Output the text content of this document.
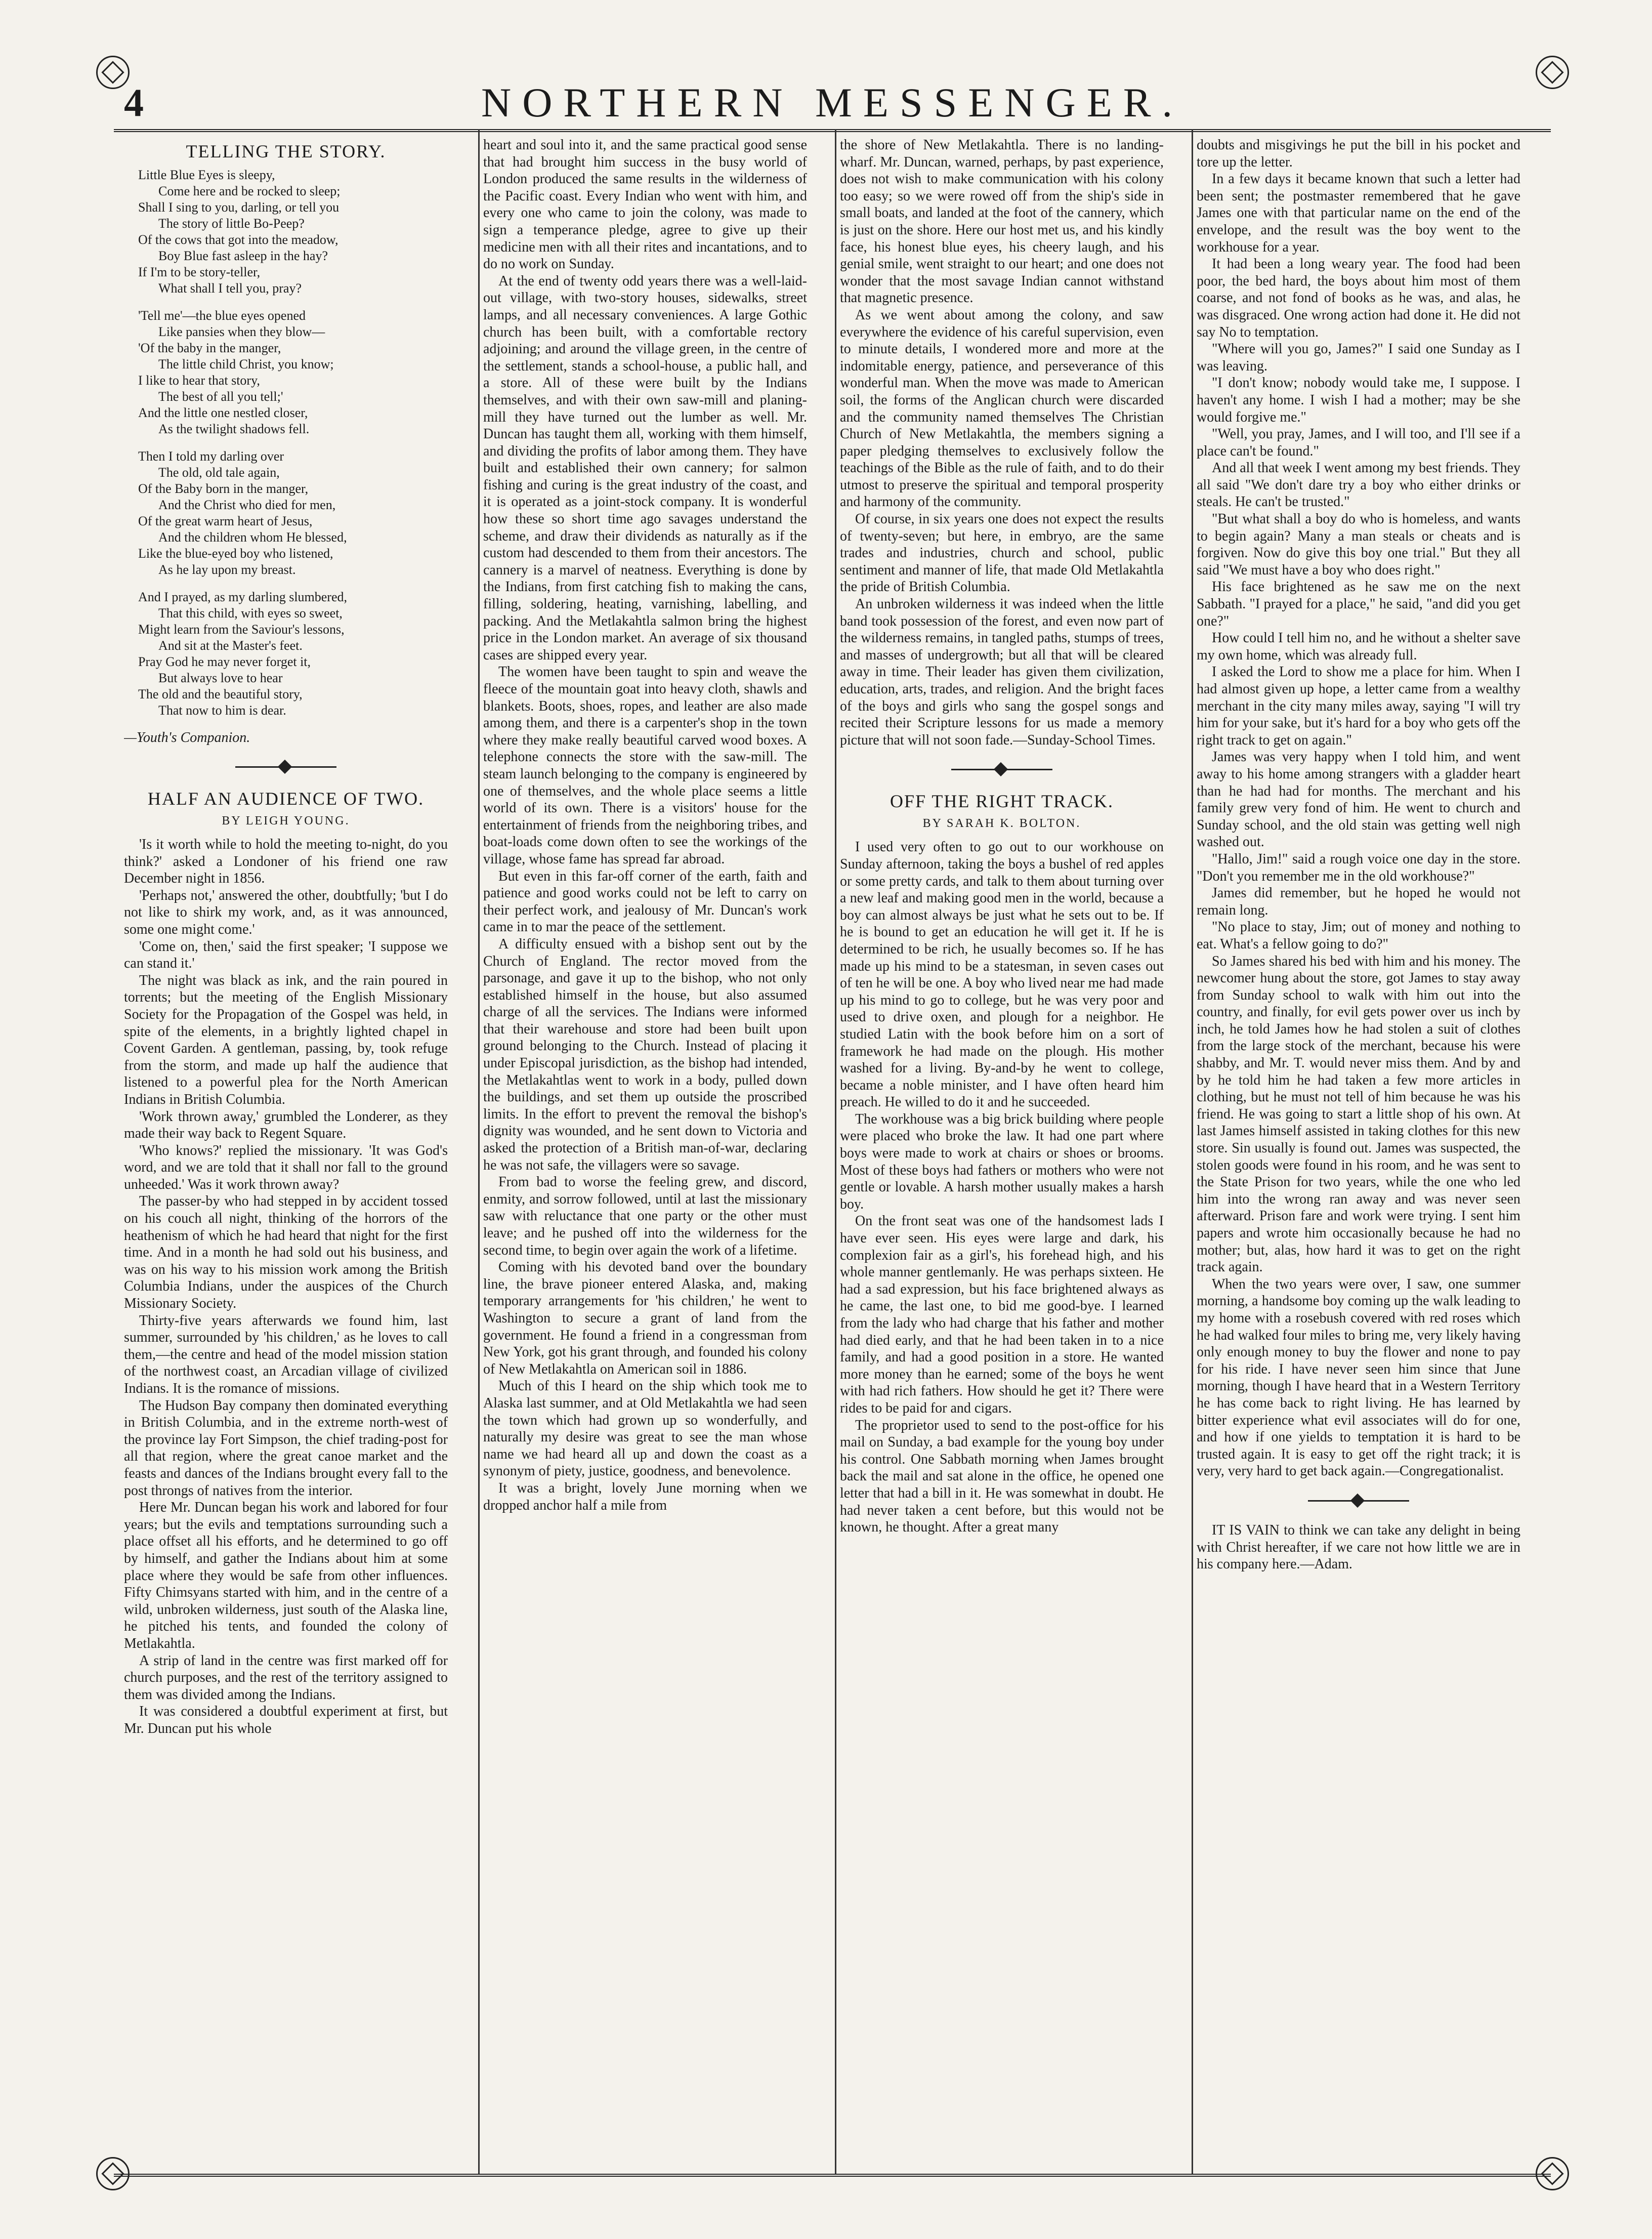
4	NORTHERN MESSENGER.
TELLING THE STORY.
Little Blue Eyes is sleepy,
Come here and be rocked to sleep;
Shall I sing to you, darling, or tell you
The story of little Bo-Peep?
Of the cows that got into the meadow,
Boy Blue fast asleep in the hay?
If I'm to be story-teller,
What shall I tell you, pray?
'Tell me'—the blue eyes opened
Like pansies when they blow—
'Of the baby in the manger,
The little child Christ, you know;
I like to hear that story,
The best of all you tell;'
And the little one nestled closer,
As the twilight shadows fell.
Then I told my darling over
The old, old tale again,
Of the Baby born in the manger,
And the Christ who died for men,
Of the great warm heart of Jesus,
And the children whom He blessed,
Like the blue-eyed boy who listened,
As he lay upon my breast.
And I prayed, as my darling slumbered,
That this child, with eyes so sweet,
Might learn from the Saviour's lessons,
And sit at the Master's feet.
Pray God he may never forget it,
But always love to hear
The old and the beautiful story,
That now to him is dear.
—Youth's Companion.
HALF AN AUDIENCE OF TWO.
BY LEIGH YOUNG.

'Is it worth while to hold the meeting to-night, do you think?' asked a Londoner of his friend one raw December night in 1856.

'Perhaps not,' answered the other, doubtfully; 'but I do not like to shirk my work, and, as it was announced, some one might come.'

'Come on, then,' said the first speaker; 'I suppose we can stand it.'

The night was black as ink, and the rain poured in torrents; but the meeting of the English Missionary Society for the Propagation of the Gospel was held, in spite of the elements, in a brightly lighted chapel in Covent Garden. A gentleman, passing, by, took refuge from the storm, and made up half the audience that listened to a powerful plea for the North American Indians in British Columbia.

'Work thrown away,' grumbled the Londerer, as they made their way back to Regent Square.

'Who knows?' replied the missionary. 'It was God's word, and we are told that it shall nor fall to the ground unheeded.' Was it work thrown away?

The passer-by who had stepped in by accident tossed on his couch all night, thinking of the horrors of the heathenism of which he had heard that night for the first time. And in a month he had sold out his business, and was on his way to his mission work among the British Columbia Indians, under the auspices of the Church Missionary Society.

Thirty-five years afterwards we found him, last summer, surrounded by 'his children,' as he loves to call them,—the centre and head of the model mission station of the northwest coast, an Arcadian village of civilized Indians. It is the romance of missions.

The Hudson Bay company then dominated everything in British Columbia, and in the extreme north-west of the province lay Fort Simpson, the chief trading-post for all that region, where the great canoe market and the feasts and dances of the Indians brought every fall to the post throngs of natives from the interior.

Here Mr. Duncan began his work and labored for four years; but the evils and temptations surrounding such a place offset all his efforts, and he determined to go off by himself, and gather the Indians about him at some place where they would be safe from other influences. Fifty Chimsyans started with him, and in the centre of a wild, unbroken wilderness, just south of the Alaska line, he pitched his tents, and founded the colony of Metlakahtla.

A strip of land in the centre was first marked off for church purposes, and the rest of the territory assigned to them was divided among the Indians.

It was considered a doubtful experiment at first, but Mr. Duncan put his whole

heart and soul into it, and the same practical good sense that had brought him success in the busy world of London produced the same results in the wilderness of the Pacific coast. Every Indian who went with him, and every one who came to join the colony, was made to sign a temperance pledge, agree to give up their medicine men with all their rites and incantations, and to do no work on Sunday.

At the end of twenty odd years there was a well-laid-out village, with two-story houses, sidewalks, street lamps, and all necessary conveniences. A large Gothic church has been built, with a comfortable rectory adjoining; and around the village green, in the centre of the settlement, stands a school-house, a public hall, and a store. All of these were built by the Indians themselves, and with their own saw-mill and planing-mill they have turned out the lumber as well. Mr. Duncan has taught them all, working with them himself, and dividing the profits of labor among them. They have built and established their own cannery; for salmon fishing and curing is the great industry of the coast, and it is operated as a joint-stock company. It is wonderful how these so short time ago savages understand the scheme, and draw their dividends as naturally as if the custom had descended to them from their ancestors. The cannery is a marvel of neatness. Everything is done by the Indians, from first catching fish to making the cans, filling, soldering, heating, varnishing, labelling, and packing. And the Metlakahtla salmon bring the highest price in the London market. An average of six thousand cases are shipped every year.

The women have been taught to spin and weave the fleece of the mountain goat into heavy cloth, shawls and blankets. Boots, shoes, ropes, and leather are also made among them, and there is a carpenter's shop in the town where they make really beautiful carved wood boxes. A telephone connects the store with the saw-mill. The steam launch belonging to the company is engineered by one of themselves, and the whole place seems a little world of its own. There is a visitors' house for the entertainment of friends from the neighboring tribes, and boat-loads come down often to see the workings of the village, whose fame has spread far abroad.

But even in this far-off corner of the earth, faith and patience and good works could not be left to carry on their perfect work, and jealousy of Mr. Duncan's work came in to mar the peace of the settlement.

A difficulty ensued with a bishop sent out by the Church of England. The rector moved from the parsonage, and gave it up to the bishop, who not only established himself in the house, but also assumed charge of all the services. The Indians were informed that their warehouse and store had been built upon ground belonging to the Church. Instead of placing it under Episcopal jurisdiction, as the bishop had intended, the Metlakahtlas went to work in a body, pulled down the buildings, and set them up outside the proscribed limits. In the effort to prevent the removal the bishop's dignity was wounded, and he sent down to Victoria and asked the protection of a British man-of-war, declaring he was not safe, the villagers were so savage.

From bad to worse the feeling grew, and discord, enmity, and sorrow followed, until at last the missionary saw with reluctance that one party or the other must leave; and he pushed off into the wilderness for the second time, to begin over again the work of a lifetime.

Coming with his devoted band over the boundary line, the brave pioneer entered Alaska, and, making temporary arrangements for 'his children,' he went to Washington to secure a grant of land from the government. He found a friend in a congressman from New York, got his grant through, and founded his colony of New Metlakahtla on American soil in 1886.

Much of this I heard on the ship which took me to Alaska last summer, and at Old Metlakahtla we had seen the town which had grown up so wonderfully, and naturally my desire was great to see the man whose name we had heard all up and down the coast as a synonym of piety, justice, goodness, and benevolence.

It was a bright, lovely June morning when we dropped anchor half a mile from

the shore of New Metlakahtla. There is no landing-wharf. Mr. Duncan, warned, perhaps, by past experience, does not wish to make communication with his colony too easy; so we were rowed off from the ship's side in small boats, and landed at the foot of the cannery, which is just on the shore. Here our host met us, and his kindly face, his honest blue eyes, his cheery laugh, and his genial smile, went straight to our heart; and one does not wonder that the most savage Indian cannot withstand that magnetic presence.

As we went about among the colony, and saw everywhere the evidence of his careful supervision, even to minute details, I wondered more and more at the indomitable energy, patience, and perseverance of this wonderful man. When the move was made to American soil, the forms of the Anglican church were discarded and the community named themselves The Christian Church of New Metlakahtla, the members signing a paper pledging themselves to exclusively follow the teachings of the Bible as the rule of faith, and to do their utmost to preserve the spiritual and temporal prosperity and harmony of the community.

Of course, in six years one does not expect the results of twenty-seven; but here, in embryo, are the same trades and industries, church and school, public sentiment and manner of life, that made Old Metlakahtla the pride of British Columbia.

An unbroken wilderness it was indeed when the little band took possession of the forest, and even now part of the wilderness remains, in tangled paths, stumps of trees, and masses of undergrowth; but all that will be cleared away in time. Their leader has given them civilization, education, arts, trades, and religion. And the bright faces of the boys and girls who sang the gospel songs and recited their Scripture lessons for us made a memory picture that will not soon fade.—Sunday-School Times.

OFF THE RIGHT TRACK.
BY SARAH K. BOLTON.

I used very often to go out to our workhouse on Sunday afternoon, taking the boys a bushel of red apples or some pretty cards, and talk to them about turning over a new leaf and making good men in the world, because a boy can almost always be just what he sets out to be. If he is bound to get an education he will get it. If he is determined to be rich, he usually becomes so. If he has made up his mind to be a statesman, in seven cases out of ten he will be one. A boy who lived near me had made up his mind to go to college, but he was very poor and used to drive oxen, and plough for a neighbor. He studied Latin with the book before him on a sort of framework he had made on the plough. His mother washed for a living. By-and-by he went to college, became a noble minister, and I have often heard him preach. He willed to do it and he succeeded.

The workhouse was a big brick building where people were placed who broke the law. It had one part where boys were made to work at chairs or shoes or brooms. Most of these boys had fathers or mothers who were not gentle or lovable. A harsh mother usually makes a harsh boy.

On the front seat was one of the handsomest lads I have ever seen. His eyes were large and dark, his complexion fair as a girl's, his forehead high, and his whole manner gentlemanly. He was perhaps sixteen. He had a sad expression, but his face brightened always as he came, the last one, to bid me good-bye. I learned from the lady who had charge that his father and mother had died early, and that he had been taken in to a nice family, and had a good position in a store. He wanted more money than he earned; some of the boys he went with had rich fathers. How should he get it? There were rides to be paid for and cigars.

The proprietor used to send to the post-office for his mail on Sunday, a bad example for the young boy under his control. One Sabbath morning when James brought back the mail and sat alone in the office, he opened one letter that had a bill in it. He was somewhat in doubt. He had never taken a cent before, but this would not be known, he thought. After a great many

doubts and misgivings he put the bill in his pocket and tore up the letter.

In a few days it became known that such a letter had been sent; the postmaster remembered that he gave James one with that particular name on the end of the envelope, and the result was the boy went to the workhouse for a year.

It had been a long weary year. The food had been poor, the bed hard, the boys about him most of them coarse, and not fond of books as he was, and alas, he was disgraced. One wrong action had done it. He did not say No to temptation.

"Where will you go, James?" I said one Sunday as I was leaving.

"I don't know; nobody would take me, I suppose. I haven't any home. I wish I had a mother; may be she would forgive me."

"Well, you pray, James, and I will too, and I'll see if a place can't be found."

And all that week I went among my best friends. They all said "We don't dare try a boy who either drinks or steals. He can't be trusted."

"But what shall a boy do who is homeless, and wants to begin again? Many a man steals or cheats and is forgiven. Now do give this boy one trial." But they all said "We must have a boy who does right."

His face brightened as he saw me on the next Sabbath. "I prayed for a place," he said, "and did you get one?"

How could I tell him no, and he without a shelter save my own home, which was already full.

I asked the Lord to show me a place for him. When I had almost given up hope, a letter came from a wealthy merchant in the city many miles away, saying "I will try him for your sake, but it's hard for a boy who gets off the right track to get on again."

James was very happy when I told him, and went away to his home among strangers with a gladder heart than he had had for months. The merchant and his family grew very fond of him. He went to church and Sunday school, and the old stain was getting well nigh washed out.

"Hallo, Jim!" said a rough voice one day in the store. "Don't you remember me in the old workhouse?"

James did remember, but he hoped he would not remain long.

"No place to stay, Jim; out of money and nothing to eat. What's a fellow going to do?"

So James shared his bed with him and his money. The newcomer hung about the store, got James to stay away from Sunday school to walk with him out into the country, and finally, for evil gets power over us inch by inch, he told James how he had stolen a suit of clothes from the large stock of the merchant, because his were shabby, and Mr. T. would never miss them. And by and by he told him he had taken a few more articles in clothing, but he must not tell of him because he was his friend. He was going to start a little shop of his own. At last James himself assisted in taking clothes for this new store. Sin usually is found out. James was suspected, the stolen goods were found in his room, and he was sent to the State Prison for two years, while the one who led him into the wrong ran away and was never seen afterward. Prison fare and work were trying. I sent him papers and wrote him occasionally because he had no mother; but, alas, how hard it was to get on the right track again.

When the two years were over, I saw, one summer morning, a handsome boy coming up the walk leading to my home with a rosebush covered with red roses which he had walked four miles to bring me, very likely having only enough money to buy the flower and none to pay for his ride. I have never seen him since that June morning, though I have heard that in a Western Territory he has come back to right living. He has learned by bitter experience what evil associates will do for one, and how if one yields to temptation it is hard to be trusted again. It is easy to get off the right track; it is very, very hard to get back again.—Congregationalist.

IT IS VAIN to think we can take any delight in being with Christ hereafter, if we care not how little we are in his company here.—Adam.
